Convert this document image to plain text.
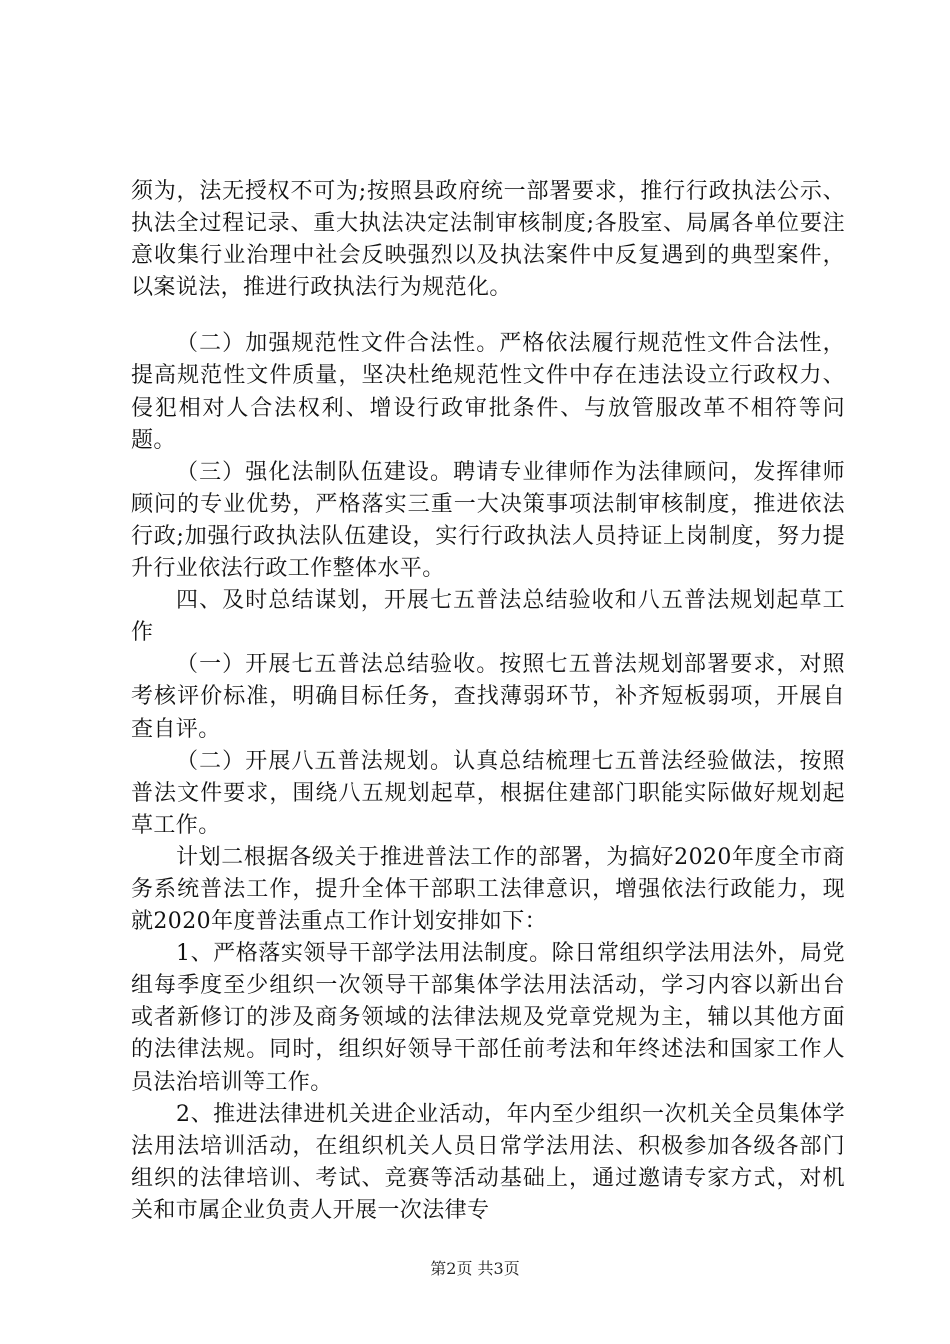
须为，法无授权不可为;按照县政府统一部署要求，推行行政执法公示、执法全过程记录、重大执法决定法制审核制度;各股室、局属各单位要注意收集行业治理中社会反映强烈以及执法案件中反复遇到的典型案件，以案说法，推进行政执法行为规范化。

（二）加强规范性文件合法性。严格依法履行规范性文件合法性，提高规范性文件质量，坚决杜绝规范性文件中存在违法设立行政权力、侵犯相对人合法权利、增设行政审批条件、与放管服改革不相符等问题。

（三）强化法制队伍建设。聘请专业律师作为法律顾问，发挥律师顾问的专业优势，严格落实三重一大决策事项法制审核制度，推进依法行政;加强行政执法队伍建设，实行行政执法人员持证上岗制度，努力提升行业依法行政工作整体水平。

四、及时总结谋划，开展七五普法总结验收和八五普法规划起草工作

（一）开展七五普法总结验收。按照七五普法规划部署要求，对照考核评价标准，明确目标任务，查找薄弱环节，补齐短板弱项，开展自查自评。

（二）开展八五普法规划。认真总结梳理七五普法经验做法，按照普法文件要求，围绕八五规划起草，根据住建部门职能实际做好规划起草工作。

计划二根据各级关于推进普法工作的部署，为搞好2020年度全市商务系统普法工作，提升全体干部职工法律意识，增强依法行政能力，现就2020年度普法重点工作计划安排如下：

1、严格落实领导干部学法用法制度。除日常组织学法用法外，局党组每季度至少组织一次领导干部集体学法用法活动，学习内容以新出台或者新修订的涉及商务领域的法律法规及党章党规为主，辅以其他方面的法律法规。同时，组织好领导干部任前考法和年终述法和国家工作人员法治培训等工作。

2、推进法律进机关进企业活动，年内至少组织一次机关全员集体学法用法培训活动，在组织机关人员日常学法用法、积极参加各级各部门组织的法律培训、考试、竞赛等活动基础上，通过邀请专家方式，对机关和市属企业负责人开展一次法律专

第2页 共3页
